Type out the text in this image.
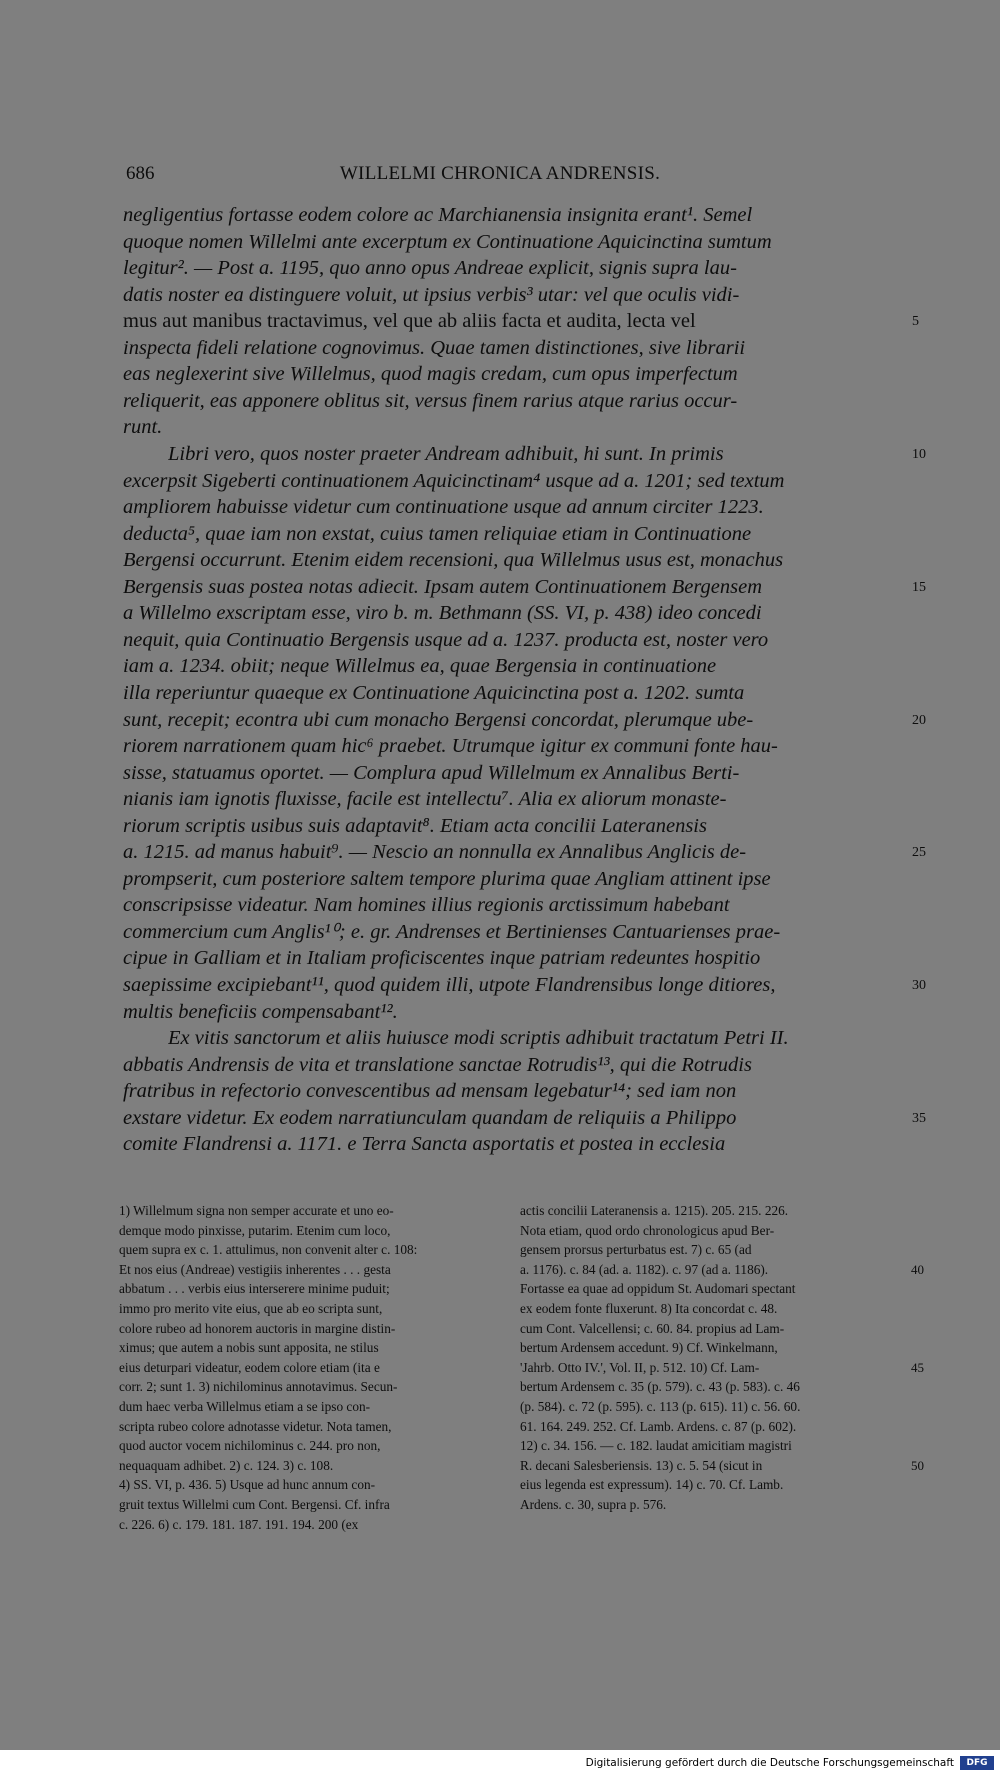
686	WILLELMI CHRONICA ANDRENSIS.
negligentius fortasse eodem colore ac Marchianensia insignita erant¹. Semel
quoque nomen Willelmi ante excerptum ex Continuatione Aquicinctina sumtum
legitur². — Post a. 1195, quo anno opus Andreae explicit, signis supra lau-
datis noster ea distinguere voluit, ut ipsius verbis³ utar: vel que oculis vidi-
mus aut manibus tractavimus, vel que ab aliis facta et audita, lecta vel
inspecta fideli relatione cognovimus. Quae tamen distinctiones, sive librarii
eas neglexerint sive Willelmus, quod magis credam, cum opus imperfectum
reliquerit, eas apponere oblitus sit, versus finem rarius atque rarius occur-
runt.
Libri vero, quos noster praeter Andream adhibuit, hi sunt. In primis
excerpsit Sigeberti continuationem Aquicinctinam⁴ usque ad a. 1201; sed textum
ampliorem habuisse videtur cum continuatione usque ad annum circiter 1223.
deducta⁵, quae iam non exstat, cuius tamen reliquiae etiam in Continuatione
Bergensi occurrunt. Etenim eidem recensioni, qua Willelmus usus est, monachus
Bergensis suas postea notas adiecit. Ipsam autem Continuationem Bergensem
a Willelmo exscriptam esse, viro b. m. Bethmann (SS. VI, p. 438) ideo concedi
nequit, quia Continuatio Bergensis usque ad a. 1237. producta est, noster vero
iam a. 1234. obiit; neque Willelmus ea, quae Bergensia in continuatione
illa reperiuntur quaeque ex Continuatione Aquicinctina post a. 1202. sumta
sunt, recepit; econtra ubi cum monacho Bergensi concordat, plerumque ube-
riorem narrationem quam hic⁶ praebet. Utrumque igitur ex communi fonte hau-
sisse, statuamus oportet. — Complura apud Willelmum ex Annalibus Berti-
nianis iam ignotis fluxisse, facile est intellectu⁷. Alia ex aliorum monaste-
riorum scriptis usibus suis adaptavit⁸. Etiam acta concilii Lateranensis
a. 1215. ad manus habuit⁹. — Nescio an nonnulla ex Annalibus Anglicis de-
prompserit, cum posteriore saltem tempore plurima quae Angliam attinent ipse
conscripsisse videatur. Nam homines illius regionis arctissimum habebant
commercium cum Anglis¹⁰; e. gr. Andrenses et Bertinienses Cantuarienses prae-
cipue in Galliam et in Italiam proficiscentes inque patriam redeuntes hospitio
saepissime excipiebant¹¹, quod quidem illi, utpote Flandrensibus longe ditiores,
multis beneficiis compensabant¹².
Ex vitis sanctorum et aliis huiusce modi scriptis adhibuit tractatum Petri II.
abbatis Andrensis de vita et translatione sanctae Rotrudis¹³, qui die Rotrudis
fratribus in refectorio convescentibus ad mensam legebatur¹⁴; sed iam non
exstare videtur. Ex eodem narratiunculam quandam de reliquiis a Philippo
comite Flandrensi a. 1171. e Terra Sancta asportatis et postea in ecclesia
5
10
15
20
25
30
35
1) Willelmum signa non semper accurate et uno eo-
demque modo pinxisse, putarim. Etenim cum loco,
quem supra ex c. 1. attulimus, non convenit alter c. 108:
Et nos eius (Andreae) vestigiis inherentes . . . gesta
abbatum . . . verbis eius interserere minime puduit;
immo pro merito vite eius, que ab eo scripta sunt,
colore rubeo ad honorem auctoris in margine distin-
ximus; que autem a nobis sunt apposita, ne stilus
eius deturpari videatur, eodem colore etiam (ita e
corr. 2; sunt 1. 3) nichilominus annotavimus. Secun-
dum haec verba Willelmus etiam a se ipso con-
scripta rubeo colore adnotasse videtur. Nota tamen,
quod auctor vocem nichilominus c. 244. pro non,
nequaquam adhibet. 2) c. 124. 3) c. 108.
4) SS. VI, p. 436. 5) Usque ad hunc annum con-
gruit textus Willelmi cum Cont. Bergensi. Cf. infra
c. 226. 6) c. 179. 181. 187. 191. 194. 200 (ex
actis concilii Lateranensis a. 1215). 205. 215. 226.
Nota etiam, quod ordo chronologicus apud Ber-
gensem prorsus perturbatus est. 7) c. 65 (ad
a. 1176). c. 84 (ad. a. 1182). c. 97 (ad a. 1186).
Fortasse ea quae ad oppidum St. Audomari spectant
ex eodem fonte fluxerunt. 8) Ita concordat c. 48.
cum Cont. Valcellensi; c. 60. 84. propius ad Lam-
bertum Ardensem accedunt. 9) Cf. Winkelmann,
'Jahrb. Otto IV.', Vol. II, p. 512. 10) Cf. Lam-
bertum Ardensem c. 35 (p. 579). c. 43 (p. 583). c. 46
(p. 584). c. 72 (p. 595). c. 113 (p. 615). 11) c. 56. 60.
61. 164. 249. 252. Cf. Lamb. Ardens. c. 87 (p. 602).
12) c. 34. 156. — c. 182. laudat amicitiam magistri
R. decani Salesberiensis. 13) c. 5. 54 (sicut in
eius legenda est expressum). 14) c. 70. Cf. Lamb.
Ardens. c. 30, supra p. 576.
40
45
50
Digitalisierung gefördert durch die Deutsche Forschungsgemeinschaft	DFG
